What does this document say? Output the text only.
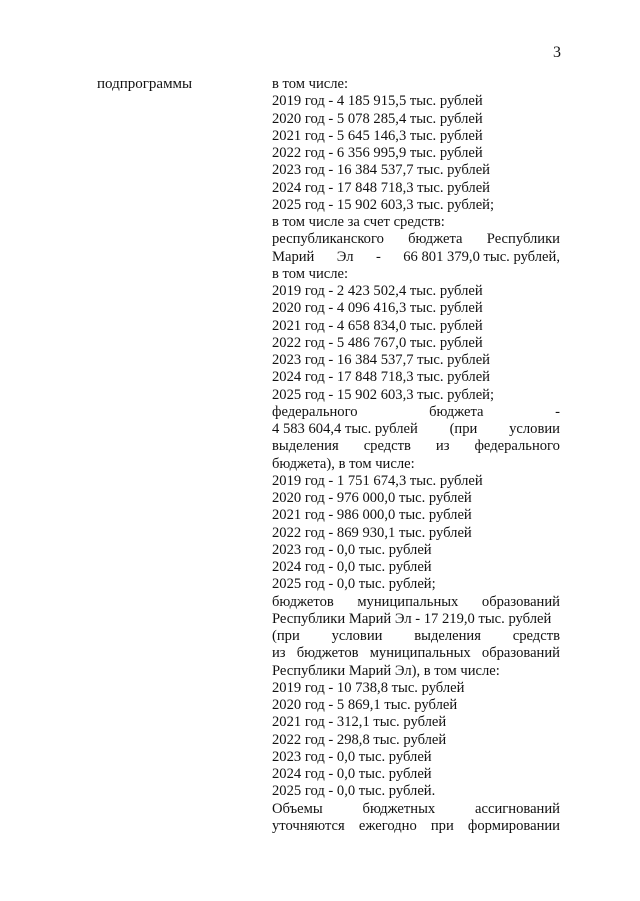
3
подпрограммы	в том числе:
2019 год - 4 185 915,5 тыс. рублей
2020 год - 5 078 285,4 тыс. рублей
2021 год - 5 645 146,3 тыс. рублей
2022 год - 6 356 995,9 тыс. рублей
2023 год - 16 384 537,7 тыс. рублей
2024 год - 17 848 718,3 тыс. рублей
2025 год - 15 902 603,3 тыс. рублей;
в том числе за счет средств:
республиканского бюджета Республики
Марий Эл - 66 801 379,0 тыс. рублей,
в том числе:
2019 год - 2 423 502,4 тыс. рублей
2020 год - 4 096 416,3 тыс. рублей
2021 год - 4 658 834,0 тыс. рублей
2022 год - 5 486 767,0 тыс. рублей
2023 год - 16 384 537,7 тыс. рублей
2024 год - 17 848 718,3 тыс. рублей
2025 год - 15 902 603,3 тыс. рублей;
федерального	бюджета	-
4 583 604,4 тыс. рублей (при условии
выделения средств из федерального
бюджета), в том числе:
2019 год - 1 751 674,3 тыс. рублей
2020 год - 976 000,0 тыс. рублей
2021 год - 986 000,0 тыс. рублей
2022 год - 869 930,1 тыс. рублей
2023 год - 0,0 тыс. рублей
2024 год - 0,0 тыс. рублей
2025 год - 0,0 тыс. рублей;
бюджетов муниципальных образований
Республики Марий Эл - 17 219,0 тыс. рублей
(при условии выделения средств
из бюджетов муниципальных образований
Республики Марий Эл), в том числе:
2019 год - 10 738,8 тыс. рублей
2020 год - 5 869,1 тыс. рублей
2021 год - 312,1 тыс. рублей
2022 год - 298,8 тыс. рублей
2023 год - 0,0 тыс. рублей
2024 год - 0,0 тыс. рублей
2025 год - 0,0 тыс. рублей.
Объемы	бюджетных	ассигнований
уточняются ежегодно при формировании
